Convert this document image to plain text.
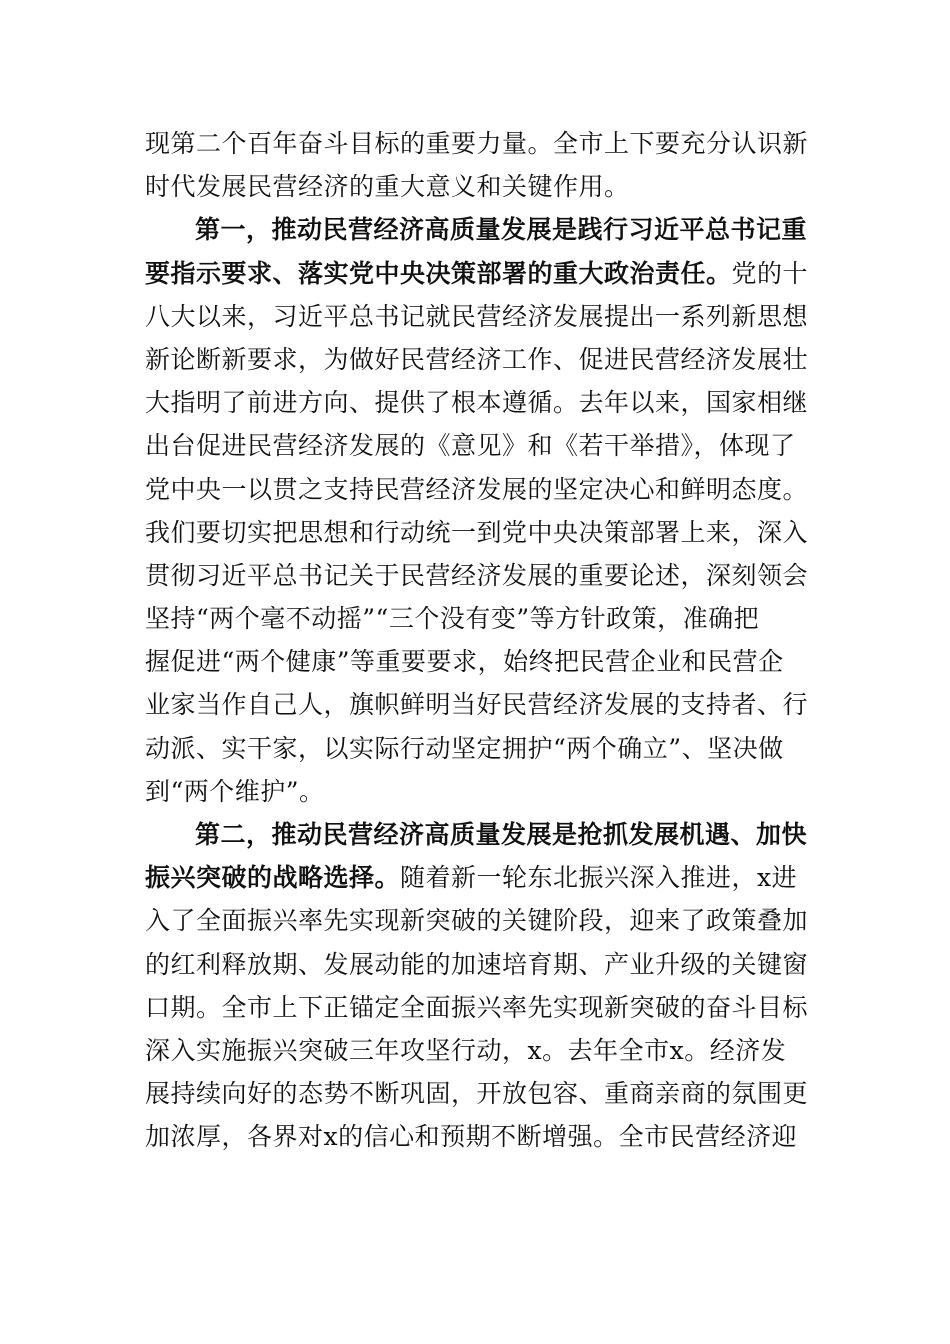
现第二个百年奋斗目标的重要力量。全市上下要充分认识新
时代发展民营经济的重大意义和关键作用。
第一，推动民营经济高质量发展是践行习近平总书记重
要指示要求、落实党中央决策部署的重大政治责任。党的十
八大以来，习近平总书记就民营经济发展提出一系列新思想
新论断新要求，为做好民营经济工作、促进民营经济发展壮
大指明了前进方向、提供了根本遵循。去年以来，国家相继
出台促进民营经济发展的《意见》和《若干举措》，体现了
党中央一以贯之支持民营经济发展的坚定决心和鲜明态度。
我们要切实把思想和行动统一到党中央决策部署上来，深入
贯彻习近平总书记关于民营经济发展的重要论述，深刻领会
坚持“两个毫不动摇”“三个没有变”等方针政策，准确把
握促进“两个健康”等重要要求，始终把民营企业和民营企
业家当作自己人，旗帜鲜明当好民营经济发展的支持者、行
动派、实干家，以实际行动坚定拥护“两个确立”、坚决做
到“两个维护”。
第二，推动民营经济高质量发展是抢抓发展机遇、加快
振兴突破的战略选择。随着新一轮东北振兴深入推进，x进
入了全面振兴率先实现新突破的关键阶段，迎来了政策叠加
的红利释放期、发展动能的加速培育期、产业升级的关键窗
口期。全市上下正锚定全面振兴率先实现新突破的奋斗目标
深入实施振兴突破三年攻坚行动，x。去年全市x。经济发
展持续向好的态势不断巩固，开放包容、重商亲商的氛围更
加浓厚，各界对x的信心和预期不断增强。全市民营经济迎
